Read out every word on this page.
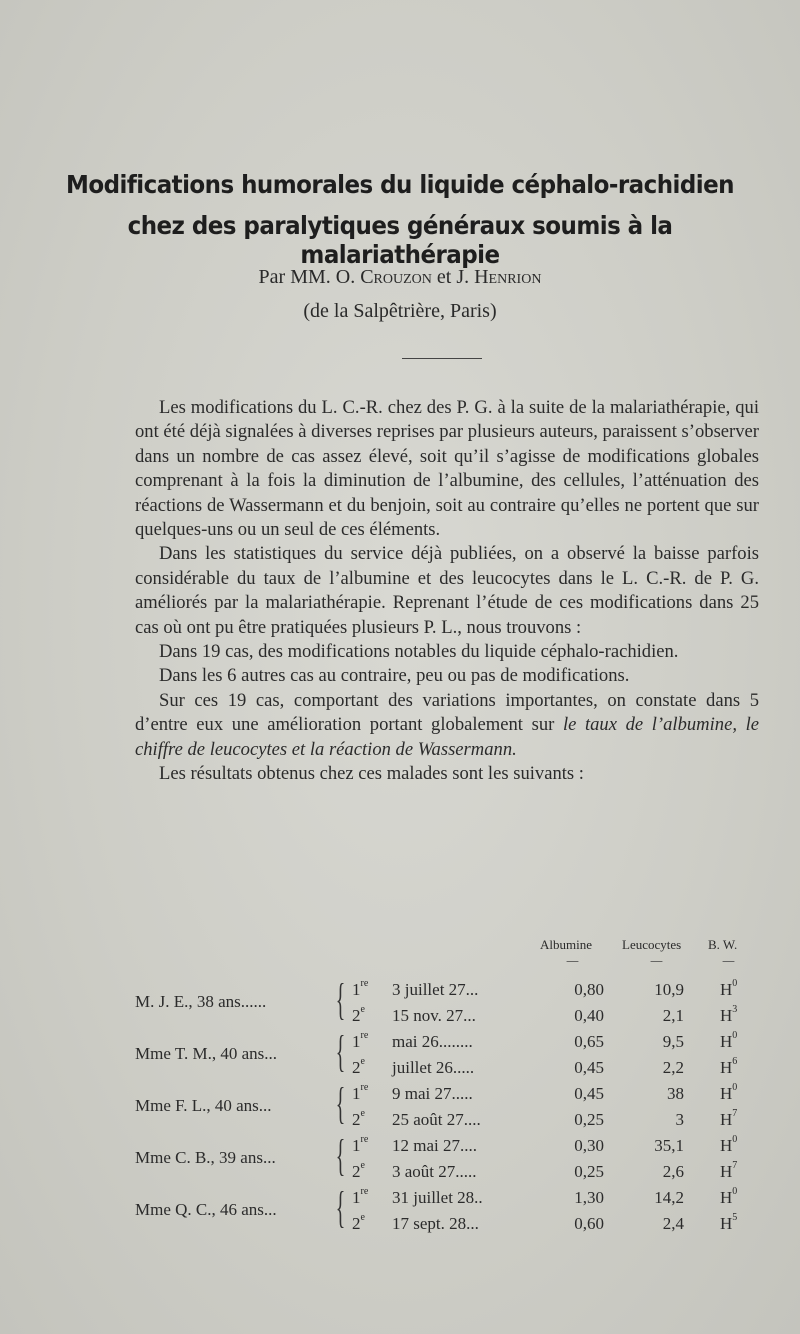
Modifications humorales du liquide céphalo-rachidien
chez des paralytiques généraux soumis à la malariathérapie
Par MM. O. Crouzon et J. Henrion
(de la Salpêtrière, Paris)

Les modifications du L. C.-R. chez des P. G. à la suite de la malariathérapie, qui ont été déjà signalées à diverses reprises par plusieurs auteurs, paraissent s’observer dans un nombre de cas assez élevé, soit qu’il s’agisse de modifications globales comprenant à la fois la diminution de l’albumine, des cellules, l’atténuation des réactions de Wassermann et du benjoin, soit au contraire qu’elles ne portent que sur quelques-uns ou un seul de ces éléments.

Dans les statistiques du service déjà publiées, on a observé la baisse parfois considérable du taux de l’albumine et des leucocytes dans le L. C.-R. de P. G. améliorés par la malariathérapie. Reprenant l’étude de ces modifications dans 25 cas où ont pu être pratiquées plusieurs P. L., nous trouvons :

Dans 19 cas, des modifications notables du liquide céphalo-rachidien.

Dans les 6 autres cas au contraire, peu ou pas de modifications.

Sur ces 19 cas, comportant des variations importantes, on constate dans 5 d’entre eux une amélioration portant globalement sur le taux de l’albumine, le chiffre de leucocytes et la réaction de Wassermann.

Les résultats obtenus chez ces malades sont les suivants :

Albumine Leucocytes B. W.
—	—	—
M. J. E., 38 ans......	{ 1re 3 juillet 27...	0,80	10,9 $H^0$
2e 15 nov. 27...	0,40	2,1 $H^3$
Mme T. M., 40 ans...	{ 1re mai 26........	0,65	9,5 $H^0$
2e juillet 26.....	0,45	2,2 $H^6$
Mme F. L., 40 ans...	{ 1re 9 mai 27.....	0,45	38 $H^0$
2e 25 août 27....	0,25	3 $H^7$
Mme C. B., 39 ans...	{ 1re 12 mai 27....	0,30	35,1 $H^0$
2e 3 août 27.....	0,25	2,6 $H^7$
Mme Q. C., 46 ans...	{ 1re 31 juillet 28..	1,30	14,2 $H^0$
2e 17 sept. 28...	0,60	2,4 $H^5$
